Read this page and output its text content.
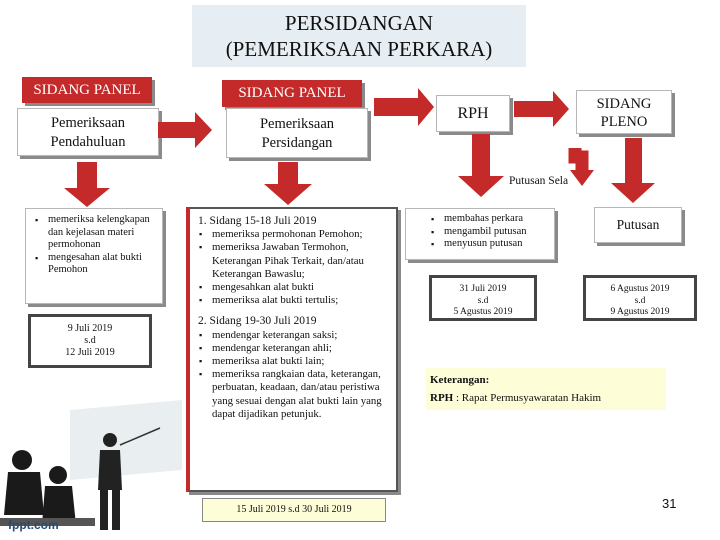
PERSIDANGAN
(PEMERIKSAAN PERKARA)
SIDANG PANEL
Pemeriksaan
Pendahuluan
SIDANG PANEL
Pemeriksaan
Persidangan
RPH
SIDANG
PLENO
Putusan Sela
▪ memeriksa kelengkapan dan kejelasan materi permohonan
▪ mengesahan alat bukti Pemohon
9 Juli 2019
s.d
12 Juli 2019
1. Sidang 15-18 Juli 2019
▪ memeriksa permohonan Pemohon;
▪ memeriksa Jawaban Termohon, Keterangan Pihak Terkait, dan/atau Keterangan Bawaslu;
▪ mengesahkan alat bukti
▪ memeriksa alat bukti tertulis;
2. Sidang 19-30 Juli 2019
▪ mendengar keterangan saksi;
▪ mendengar keterangan ahli;
▪ memeriksa alat bukti lain;
▪ memeriksa rangkaian data, keterangan, perbuatan, keadaan, dan/atau peristiwa yang sesuai dengan alat bukti lain yang dapat dijadikan petunjuk.
15 Juli 2019 s.d 30 Juli 2019
▪ membahas perkara
▪ mengambil putusan
▪ menyusun putusan
Putusan
31 Juli 2019
s.d
5 Agustus 2019
6 Agustus 2019
s.d
9 Agustus 2019
Keterangan:
RPH : Rapat Permusyawaratan Hakim
fppt.com
31
